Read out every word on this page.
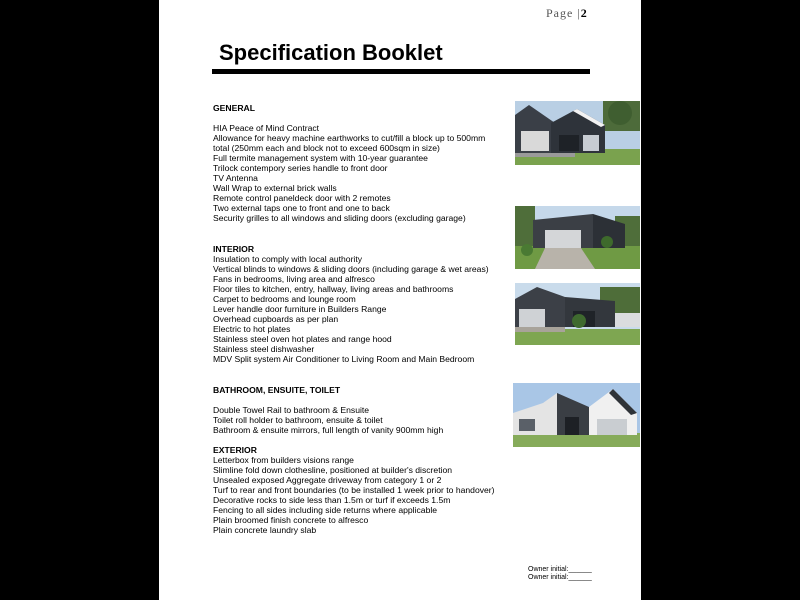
Page |2
Specification Booklet
GENERAL
HIA Peace of Mind Contract
Allowance for heavy machine earthworks to cut/fill a block up to 500mm
total (250mm each and block not to exceed 600sqm in size)
Full termite management system with 10-year guarantee
Trilock contempory series handle to front door
TV Antenna
Wall Wrap to external brick walls
Remote control paneldeck door with 2 remotes
Two external taps one to front and one to back
Security grilles to all windows and sliding doors (excluding garage)
INTERIOR
Insulation to comply with local authority
Vertical blinds to windows & sliding doors (including garage & wet areas)
Fans in bedrooms, living area and alfresco
Floor tiles to kitchen, entry, hallway, living areas and bathrooms
Carpet to bedrooms and lounge room
Lever handle door furniture in Builders Range
Overhead cupboards as per plan
Electric to hot plates
Stainless steel oven hot plates and range hood
Stainless steel dishwasher
MDV Split system Air Conditioner to Living Room and Main Bedroom
BATHROOM, ENSUITE, TOILET
Double Towel Rail to bathroom & Ensuite
Toilet roll holder to bathroom, ensuite & toilet
Bathroom & ensuite mirrors, full length of vanity 900mm high
EXTERIOR
Letterbox from builders visions range
Slimline fold down clothesline, positioned at builder's discretion
Unsealed exposed Aggregate driveway from category 1 or 2
Turf to rear and front boundaries (to be installed 1 week prior to handover)
Decorative rocks to side less than 1.5m or turf if exceeds 1.5m
Fencing to all sides including side returns where applicable
Plain broomed finish concrete to alfresco
Plain concrete laundry slab
Owner initial:______
Owner initial:______
